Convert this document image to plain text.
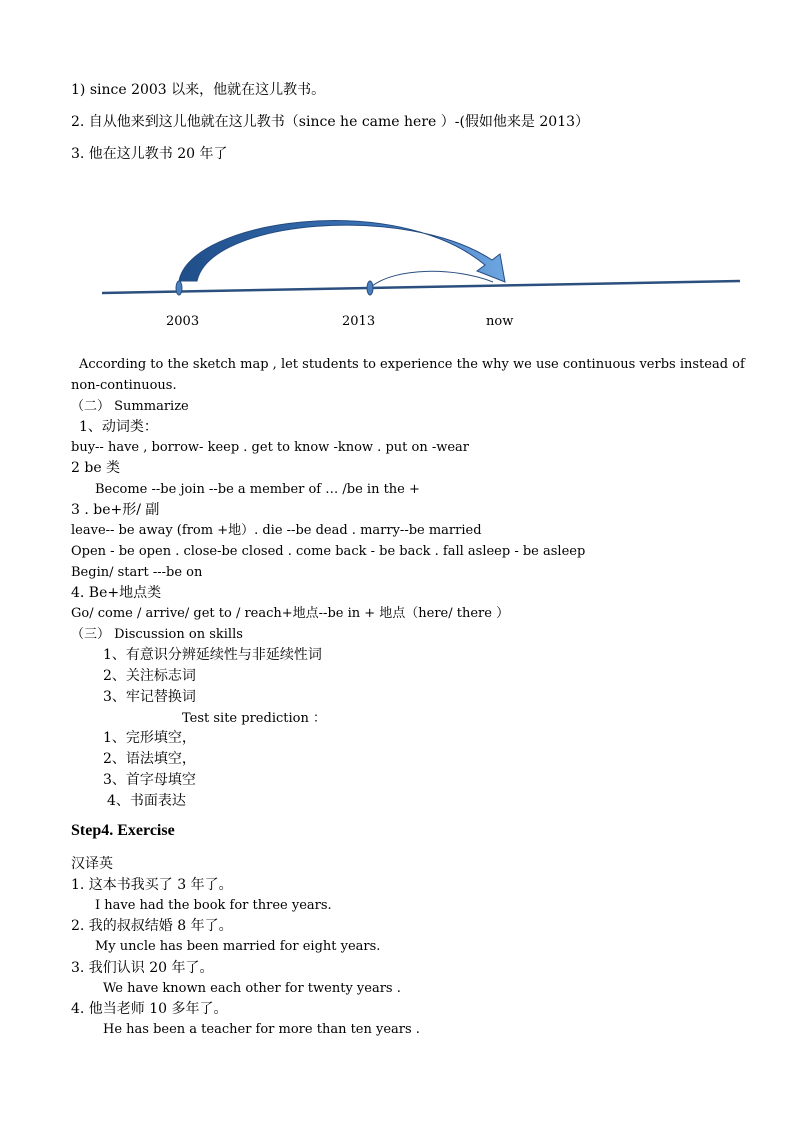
1) since 2003 以来，他就在这儿教书。
2. 自从他来到这儿他就在这儿教书（since he came here ）-(假如他来是 2013）
3. 他在这儿教书 20 年了
2003	2013	now
According to the sketch map , let students to experience the why we use continuous verbs instead of
non-continuous.
（二） Summarize
1、动词类：
buy-- have , borrow- keep . get to know -know . put on -wear
2 be 类
Become --be join --be a member of … /be in the +
3 . be+形/ 副
leave-- be away (from +地）. die --be dead . marry--be married
Open - be open . close-be closed . come back - be back . fall asleep - be asleep
Begin/ start ---be on
4. Be+地点类
Go/ come / arrive/ get to / reach+地点--be in + 地点（here/ there ）
（三） Discussion on skills
1、有意识分辨延续性与非延续性词
2、关注标志词
3、牢记替换词
Test site prediction ：
1、完形填空，
2、语法填空，
3、首字母填空
4、书面表达
Step4. Exercise
汉译英
1. 这本书我买了 3 年了。
I have had the book for three years.
2. 我的叔叔结婚 8 年了。
My uncle has been married for eight years.
3. 我们认识 20 年了。
We have known each other for twenty years .
4. 他当老师 10 多年了。
He has been a teacher for more than ten years .
